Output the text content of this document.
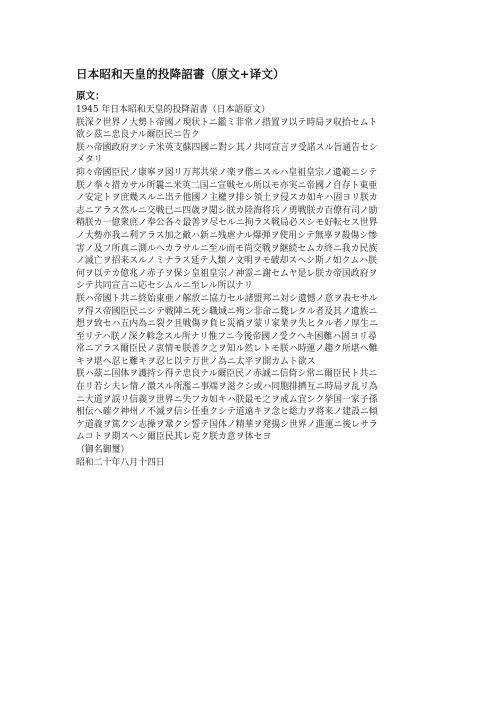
日本昭和天皇的投降詔書（原文+译文）
原文：

1945 年日本昭和天皇的投降詔書（日本語原文）

朕深ク世界ノ大勢ト帝國ノ現状トニ鑑ミ非常ノ措置ヲ以テ時局ヲ収拾セムト

欲シ茲ニ忠良ナル爾臣民ニ告ク

朕ハ帝國政府ヲシテ米英支蘇四國ニ對シ其ノ共同宣言ヲ受諾スル旨通告セシ

メタリ

抑々帝國臣民ノ康寧ヲ図リ万邦共栄ノ楽ヲ偕ニスルハ皇祖皇宗ノ遺範ニシテ

朕ノ拳々措カサル所曩ニ米英二国ニ宣戦セル所以モ亦実ニ帝國ノ自存ト東亜

ノ安定トヲ庶幾スルニ出テ他國ノ主權ヲ排シ領土ヲ侵スカ如キハ固ヨリ朕カ

志ニアラス然ルニ交戦已ニ四歳ヲ閲シ朕カ陸海将兵ノ勇戦朕カ百僚有司ノ励

精朕カ一億衆庶ノ奉公各々最善ヲ尽セルニ拘ラス戦局必スシモ好転セス世界

ノ大勢亦我ニ利アラス加之敵ハ新ニ残虐ナル爆弾ヲ使用シテ無辜ヲ殺傷シ惨

害ノ及フ所真ニ測ルヘカラサルニ至ル而モ尚交戦ヲ継続セムカ終ニ我カ民族

ノ滅亡ヲ招来スルノミナラス延テ人類ノ文明ヲモ破却スヘシ斯ノ如クムハ朕

何ヲ以テカ億兆ノ赤子ヲ保シ皇祖皇宗ノ神霊ニ謝セムヤ是レ朕カ帝国政府ヲ

シテ共同宣言ニ応セシムルニ至レル所以ナリ

朕ハ帝國ト共ニ終始東亜ノ解放ニ協力セル諸盟邦ニ対シ遺憾ノ意ヲ表セサル

ヲ得ス帝國臣民ニシテ戦陣ニ死シ職域ニ殉シ非命ニ斃レタル者及其ノ遺族ニ

想ヲ致セハ五内為ニ裂ク且戦傷ヲ負ヒ災禍ヲ蒙リ家業ヲ失ヒタル者ノ厚生ニ

至リテハ朕ノ深ク軫念スル所ナリ惟フニ今後帝國ノ受クヘキ困難ハ固ヨリ尋

常ニアラス爾臣民ノ衷情モ朕善ク之ヲ知ル然レトモ朕ハ時運ノ趨ク所堪ヘ難

キヲ堪ヘ忍ヒ難キヲ忍ヒ以テ万世ノ為ニ太平ヲ開カムト欲ス

朕ハ茲ニ国体ヲ護持シ得テ忠良ナル爾臣民ノ赤誠ニ信倚シ常ニ爾臣民ト共ニ

在リ若シ夫レ情ノ激スル所濫ニ事端ヲ滋クシ或ハ同胞排擠互ニ時局ヲ乱リ為

ニ大道ヲ誤リ信義ヲ世界ニ失フカ如キハ朕最モ之ヲ戒ム宜シク挙国一家子孫

相伝ヘ確ク神州ノ不滅ヲ信シ任重クシテ道遠キヲ念ヒ総力ヲ将来ノ建設ニ傾

ケ道義ヲ篤クシ志操ヲ鞏クシ誓テ国体ノ精華ヲ発揚シ世界ノ進運ニ後レサラ

ムコトヲ期スヘシ爾臣民其レ克ク朕カ意ヲ体セヨ

（御名御璽）

昭和二十年八月十四日
